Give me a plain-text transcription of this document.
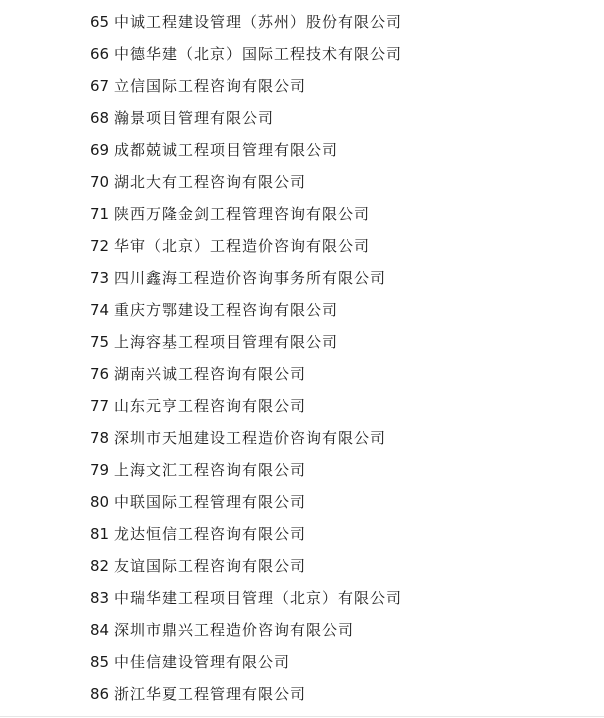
65 中诚工程建设管理（苏州）股份有限公司
66 中德华建（北京）国际工程技术有限公司
67 立信国际工程咨询有限公司
68 瀚景项目管理有限公司
69 成都兢诚工程项目管理有限公司
70 湖北大有工程咨询有限公司
71 陕西万隆金剑工程管理咨询有限公司
72 华审（北京）工程造价咨询有限公司
73 四川鑫海工程造价咨询事务所有限公司
74 重庆方鄂建设工程咨询有限公司
75 上海容基工程项目管理有限公司
76 湖南兴诚工程咨询有限公司
77 山东元亨工程咨询有限公司
78 深圳市天旭建设工程造价咨询有限公司
79 上海文汇工程咨询有限公司
80 中联国际工程管理有限公司
81 龙达恒信工程咨询有限公司
82 友谊国际工程咨询有限公司
83 中瑞华建工程项目管理（北京）有限公司
84 深圳市鼎兴工程造价咨询有限公司
85 中佳信建设管理有限公司
86 浙江华夏工程管理有限公司
